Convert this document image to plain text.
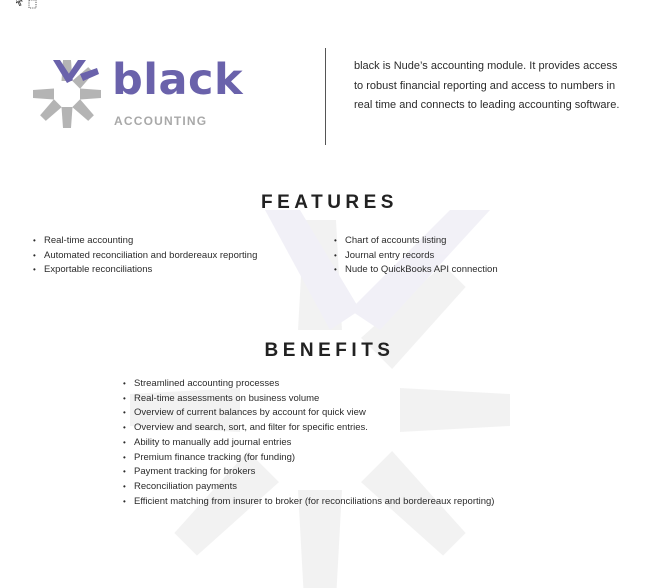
black
ACCOUNTING

black is Nude’s accounting module. It provides access to robust financial reporting and access to numbers in real time and connects to leading accounting software.

FEATURES
• Real-time accounting
• Automated reconciliation and bordereaux reporting
• Exportable reconciliations
• Chart of accounts listing
• Journal entry records
• Nude to QuickBooks API connection
BENEFITS
• Streamlined accounting processes
• Real-time assessments on business volume
• Overview of current balances by account for quick view
• Overview and search, sort, and filter for specific entries.
• Ability to manually add journal entries
• Premium finance tracking (for funding)
• Payment tracking for brokers
• Reconciliation payments
• Efficient matching from insurer to broker (for reconciliations and bordereaux reporting)
